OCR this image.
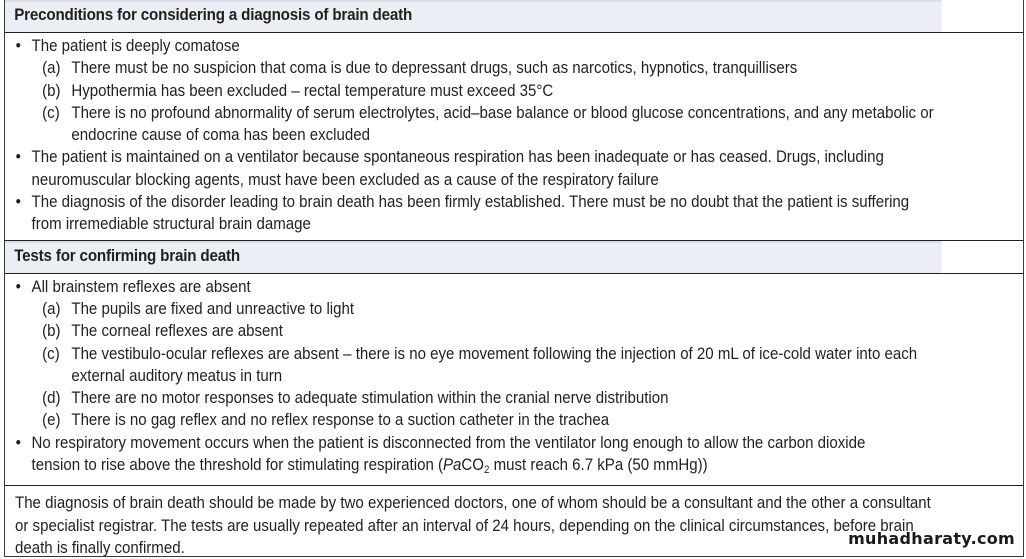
Preconditions for considering a diagnosis of brain death
• The patient is deeply comatose
(a) There must be no suspicion that coma is due to depressant drugs, such as narcotics, hypnotics, tranquillisers
(b) Hypothermia has been excluded – rectal temperature must exceed 35°C
(c) There is no profound abnormality of serum electrolytes, acid–base balance or blood glucose concentrations, and any metabolic or
endocrine cause of coma has been excluded
• The patient is maintained on a ventilator because spontaneous respiration has been inadequate or has ceased. Drugs, including
neuromuscular blocking agents, must have been excluded as a cause of the respiratory failure
• The diagnosis of the disorder leading to brain death has been firmly established. There must be no doubt that the patient is suffering
from irremediable structural brain damage
Tests for confirming brain death
• All brainstem reflexes are absent
(a) The pupils are fixed and unreactive to light
(b) The corneal reflexes are absent
(c) The vestibulo-ocular reflexes are absent – there is no eye movement following the injection of 20 mL of ice-cold water into each
external auditory meatus in turn
(d) There are no motor responses to adequate stimulation within the cranial nerve distribution
(e) There is no gag reflex and no reflex response to a suction catheter in the trachea
• No respiratory movement occurs when the patient is disconnected from the ventilator long enough to allow the carbon dioxide
tension to rise above the threshold for stimulating respiration (PaCO$_2$ must reach 6.7 kPa (50 mmHg))
The diagnosis of brain death should be made by two experienced doctors, one of whom should be a consultant and the other a consultant
or specialist registrar. The tests are usually repeated after an interval of 24 hours, depending on the clinical circumstances, before brain
death is finally confirmed.	muhadharaty.com
